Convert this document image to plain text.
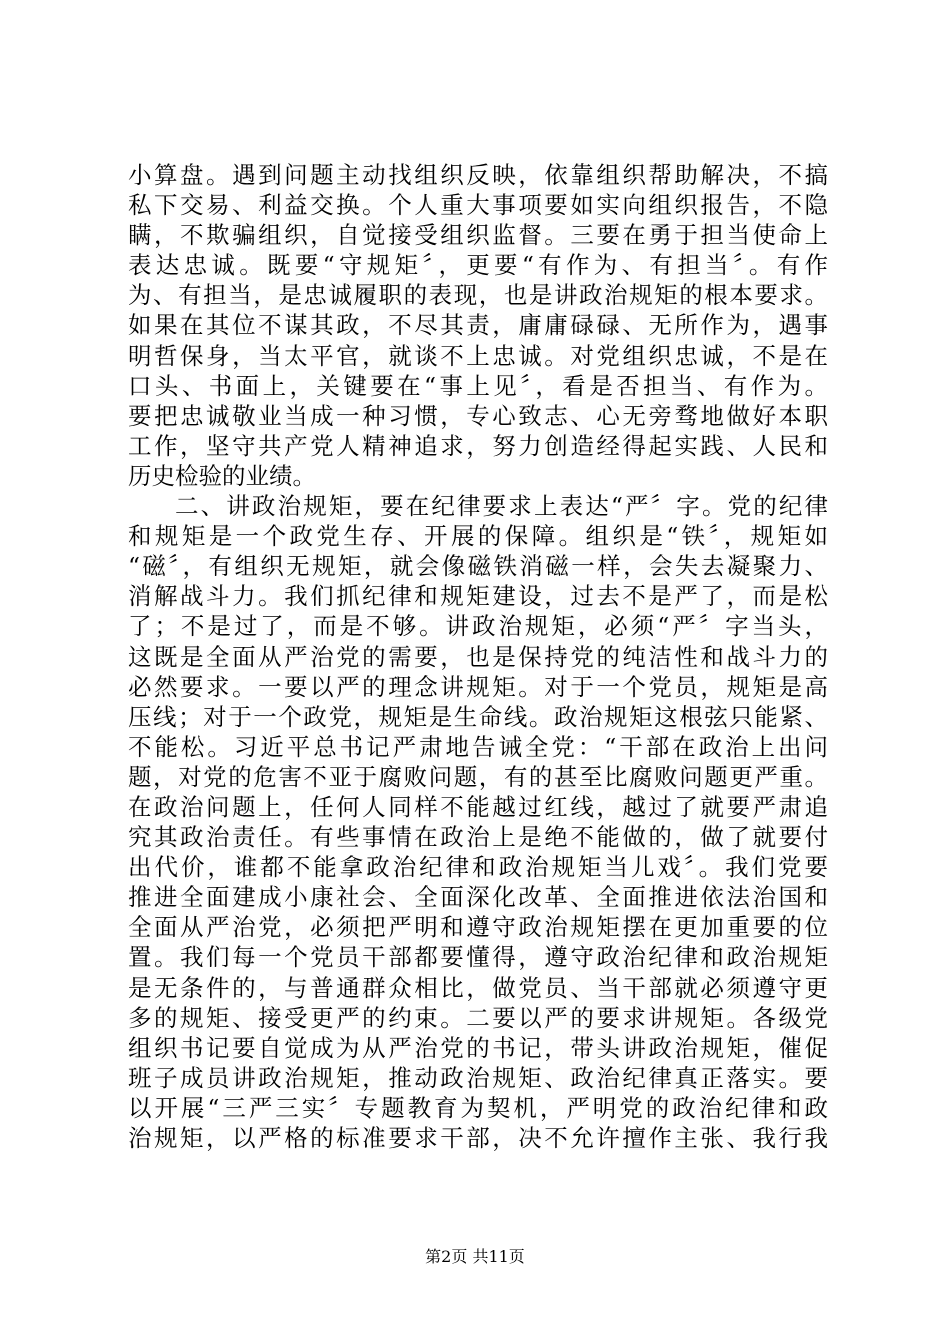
小算盘。遇到问题主动找组织反映，依靠组织帮助解决，不搞
私下交易、利益交换。个人重大事项要如实向组织报告，不隐
瞒，不欺骗组织，自觉接受组织监督。三要在勇于担当使命上
表达忠诚。既要“守规矩〞，更要“有作为、有担当〞。有作
为、有担当，是忠诚履职的表现，也是讲政治规矩的根本要求。
如果在其位不谋其政，不尽其责，庸庸碌碌、无所作为，遇事
明哲保身，当太平官，就谈不上忠诚。对党组织忠诚，不是在
口头、书面上，关键要在“事上见〞，看是否担当、有作为。
要把忠诚敬业当成一种习惯，专心致志、心无旁骛地做好本职
工作，坚守共产党人精神追求，努力创造经得起实践、人民和
历史检验的业绩。
二、讲政治规矩，要在纪律要求上表达“严〞字。党的纪律
和规矩是一个政党生存、开展的保障。组织是“铁〞，规矩如
“磁〞，有组织无规矩，就会像磁铁消磁一样，会失去凝聚力、
消解战斗力。我们抓纪律和规矩建设，过去不是严了，而是松
了；不是过了，而是不够。讲政治规矩，必须“严〞字当头，
这既是全面从严治党的需要，也是保持党的纯洁性和战斗力的
必然要求。一要以严的理念讲规矩。对于一个党员，规矩是高
压线；对于一个政党，规矩是生命线。政治规矩这根弦只能紧、
不能松。习近平总书记严肃地告诫全党：“干部在政治上出问
题，对党的危害不亚于腐败问题，有的甚至比腐败问题更严重。
在政治问题上，任何人同样不能越过红线，越过了就要严肃追
究其政治责任。有些事情在政治上是绝不能做的，做了就要付
出代价，谁都不能拿政治纪律和政治规矩当儿戏〞。我们党要
推进全面建成小康社会、全面深化改革、全面推进依法治国和
全面从严治党，必须把严明和遵守政治规矩摆在更加重要的位
置。我们每一个党员干部都要懂得，遵守政治纪律和政治规矩
是无条件的，与普通群众相比，做党员、当干部就必须遵守更
多的规矩、接受更严的约束。二要以严的要求讲规矩。各级党
组织书记要自觉成为从严治党的书记，带头讲政治规矩，催促
班子成员讲政治规矩，推动政治规矩、政治纪律真正落实。要
以开展“三严三实〞专题教育为契机，严明党的政治纪律和政
治规矩，以严格的标准要求干部，决不允许擅作主张、我行我
第2页 共11页
